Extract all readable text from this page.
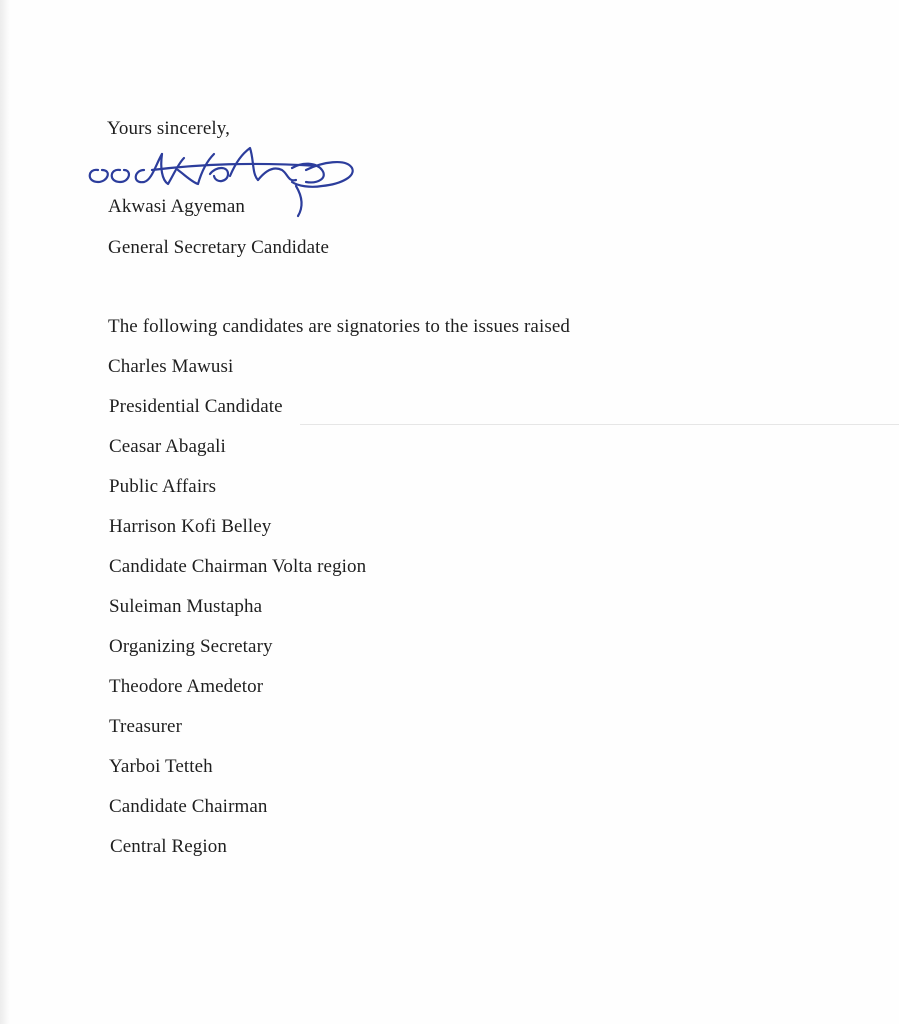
Yours sincerely,
Akwasi Agyeman
General Secretary Candidate
The following candidates are signatories to the issues raised
Charles Mawusi
Presidential Candidate
Ceasar Abagali
Public Affairs
Harrison Kofi Belley
Candidate Chairman Volta region
Suleiman Mustapha
Organizing Secretary
Theodore Amedetor
Treasurer
Yarboi Tetteh
Candidate Chairman
Central Region
